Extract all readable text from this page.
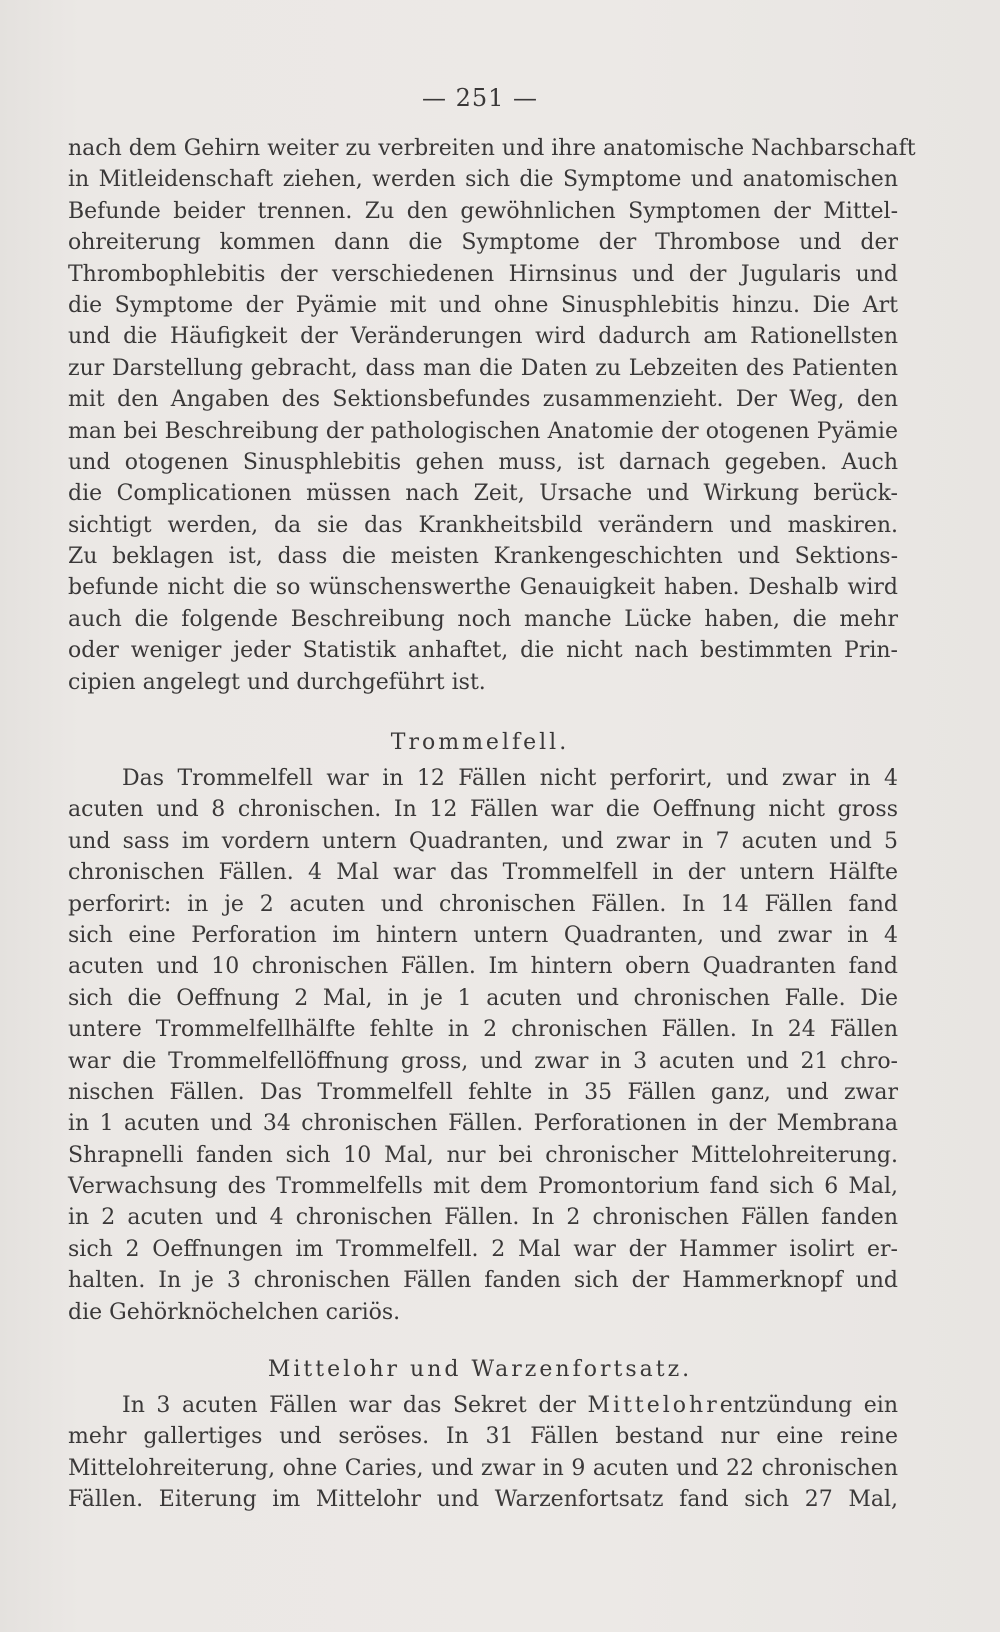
— 251 —
nach dem Gehirn weiter zu verbreiten und ihre anatomische Nachbarschaft
in Mitleidenschaft ziehen, werden sich die Symptome und anatomischen
Befunde beider trennen. Zu den gewöhnlichen Symptomen der Mittel-
ohreiterung kommen dann die Symptome der Thrombose und der
Thrombophlebitis der verschiedenen Hirnsinus und der Jugularis und
die Symptome der Pyämie mit und ohne Sinusphlebitis hinzu. Die Art
und die Häufigkeit der Veränderungen wird dadurch am Rationellsten
zur Darstellung gebracht, dass man die Daten zu Lebzeiten des Patienten
mit den Angaben des Sektionsbefundes zusammenzieht. Der Weg, den
man bei Beschreibung der pathologischen Anatomie der otogenen Pyämie
und otogenen Sinusphlebitis gehen muss, ist darnach gegeben. Auch
die Complicationen müssen nach Zeit, Ursache und Wirkung berück-
sichtigt werden, da sie das Krankheitsbild verändern und maskiren.
Zu beklagen ist, dass die meisten Krankengeschichten und Sektions-
befunde nicht die so wünschenswerthe Genauigkeit haben. Deshalb wird
auch die folgende Beschreibung noch manche Lücke haben, die mehr
oder weniger jeder Statistik anhaftet, die nicht nach bestimmten Prin-
cipien angelegt und durchgeführt ist.
Trommelfell.
Das Trommelfell war in 12 Fällen nicht perforirt, und zwar in 4
acuten und 8 chronischen. In 12 Fällen war die Oeffnung nicht gross
und sass im vordern untern Quadranten, und zwar in 7 acuten und 5
chronischen Fällen. 4 Mal war das Trommelfell in der untern Hälfte
perforirt: in je 2 acuten und chronischen Fällen. In 14 Fällen fand
sich eine Perforation im hintern untern Quadranten, und zwar in 4
acuten und 10 chronischen Fällen. Im hintern obern Quadranten fand
sich die Oeffnung 2 Mal, in je 1 acuten und chronischen Falle. Die
untere Trommelfellhälfte fehlte in 2 chronischen Fällen. In 24 Fällen
war die Trommelfellöffnung gross, und zwar in 3 acuten und 21 chro-
nischen Fällen. Das Trommelfell fehlte in 35 Fällen ganz, und zwar
in 1 acuten und 34 chronischen Fällen. Perforationen in der Membrana
Shrapnelli fanden sich 10 Mal, nur bei chronischer Mittelohreiterung.
Verwachsung des Trommelfells mit dem Promontorium fand sich 6 Mal,
in 2 acuten und 4 chronischen Fällen. In 2 chronischen Fällen fanden
sich 2 Oeffnungen im Trommelfell. 2 Mal war der Hammer isolirt er-
halten. In je 3 chronischen Fällen fanden sich der Hammerknopf und
die Gehörknöchelchen cariös.
Mittelohr und Warzenfortsatz.
In 3 acuten Fällen war das Sekret der Mittelohrentzündung ein
mehr gallertiges und seröses. In 31 Fällen bestand nur eine reine
Mittelohreiterung, ohne Caries, und zwar in 9 acuten und 22 chronischen
Fällen. Eiterung im Mittelohr und Warzenfortsatz fand sich 27 Mal,
